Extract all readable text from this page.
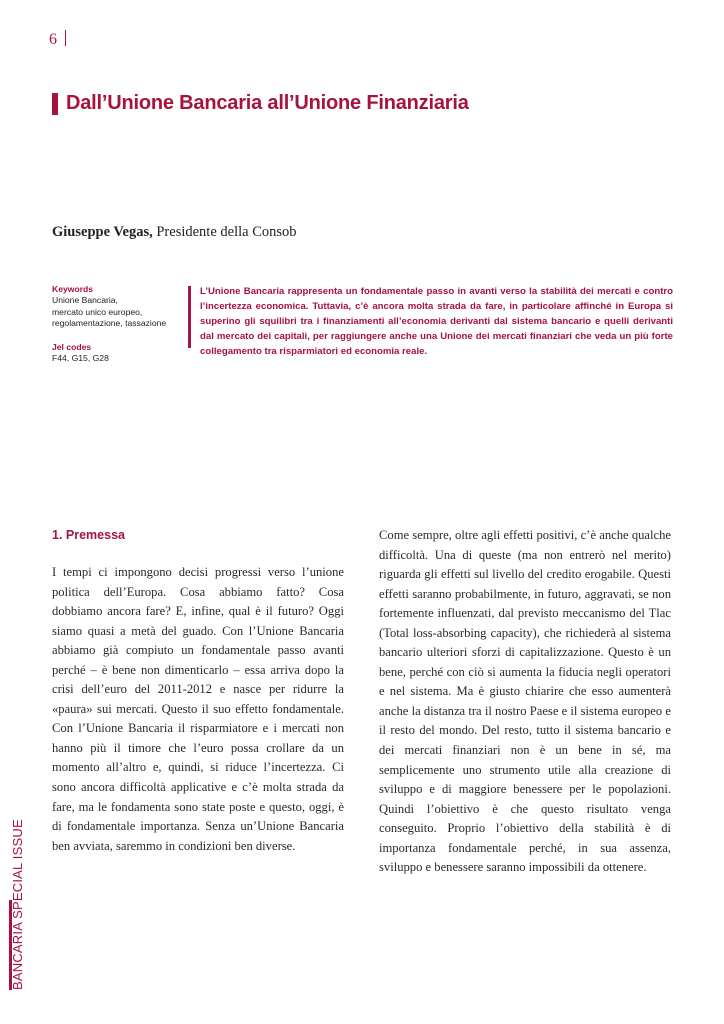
6
Dall’Unione Bancaria all’Unione Finanziaria
Giuseppe Vegas, Presidente della Consob
Keywords
Unione Bancaria,
mercato unico europeo,
regolamentazione, tassazione
Jel codes
F44, G15, G28

L’Unione Bancaria rappresenta un fondamentale passo in avanti verso la stabilità dei mercati e contro l’incertezza economica. Tuttavia, c’è ancora molta strada da fare, in particolare affinché in Europa si superino gli squilibri tra i finanziamenti all’economia derivanti dal sistema bancario e quelli derivanti dal mercato dei capitali, per raggiungere anche una Unione dei mercati finanziari che veda un più forte collegamento tra risparmiatori ed economia reale.

1. Premessa

I tempi ci impongono decisi progressi verso l’unione politica dell’Europa. Cosa abbiamo fatto? Cosa dobbiamo ancora fare? E, infine, qual è il futuro? Oggi siamo quasi a metà del guado. Con l’Unione Bancaria abbiamo già compiuto un fondamentale passo avanti perché – è bene non dimenticarlo – essa arriva dopo la crisi dell’euro del 2011-2012 e nasce per ridurre la «paura» sui mercati. Questo il suo effetto fondamentale. Con l’Unione Bancaria il risparmiatore e i mercati non hanno più il timore che l’euro possa crollare da un momento all’altro e, quindi, si riduce l’incertezza. Ci sono ancora difficoltà applicative e c’è molta strada da fare, ma le fondamenta sono state poste e questo, oggi, è di fondamentale importanza. Senza un’Unione Bancaria ben avviata, saremmo in condizioni ben diverse.

Come sempre, oltre agli effetti positivi, c’è anche qualche difficoltà. Una di queste (ma non entrerò nel merito) riguarda gli effetti sul livello del credito erogabile. Questi effetti saranno probabilmente, in futuro, aggravati, se non fortemente influenzati, dal previsto meccanismo del Tlac (Total loss-absorbing capacity), che richiederà al sistema bancario ulteriori sforzi di capitalizzazione. Questo è un bene, perché con ciò si aumenta la fiducia negli operatori e nel sistema. Ma è giusto chiarire che esso aumenterà anche la distanza tra il nostro Paese e il sistema europeo e il resto del mondo. Del resto, tutto il sistema bancario e dei mercati finanziari non è un bene in sé, ma semplicemente uno strumento utile alla creazione di sviluppo e di maggiore benessere per le popolazioni. Quindi l’obiettivo è che questo risultato venga conseguito. Proprio l’obiettivo della stabilità è di importanza fondamentale perché, in sua assenza, sviluppo e benessere saranno impossibili da ottenere.

BANCARIA SPECIAL ISSUE
